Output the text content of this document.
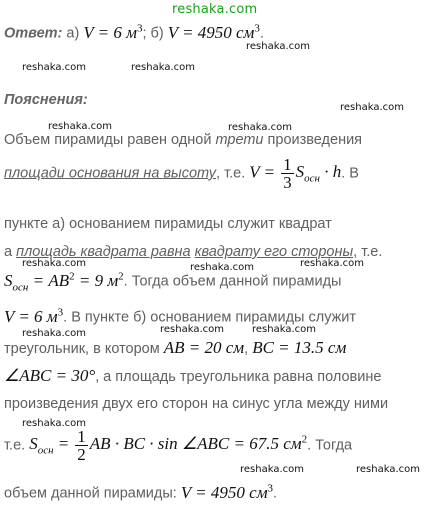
reshaka.com
reshaka.com
reshaka.com	reshaka.com
reshaka.com
reshaka.com	reshaka.com
reshaka.com	reshaka.com	reshaka.com
reshaka.com	reshaka.com	reshaka.com
reshaka.com
reshaka.com	reshaka.com
Ответ: а) V = 6 $м^3$; б) V = 4950 $см^3$.
Пояснения:
Объем пирамиды равен одной трети произведения
площади основания на высоту, т.е. $V = \frac{1}{3} S_{осн} \cdot h$. В
пункте а) основанием пирамиды служит квадрат
а площадь квадрата равна квадрату его стороны, т.е.
$S_{осн} = AB^2 = 9$ $м^2$. Тогда объем данной пирамиды
V = 6 $м^3$. В пункте б) основанием пирамиды служит
треугольник, в котором AB = 20 см, BC = 13.5 см
∠ABC = 30°, а площадь треугольника равна половине
произведения двух его сторон на синус угла между ними
т.е. $S_{осн} = \frac{1}{2}$ AB · BC · sin ∠ABC = 67.5 $см^2$. Тогда
объем данной пирамиды: V = 4950 $см^3$.
